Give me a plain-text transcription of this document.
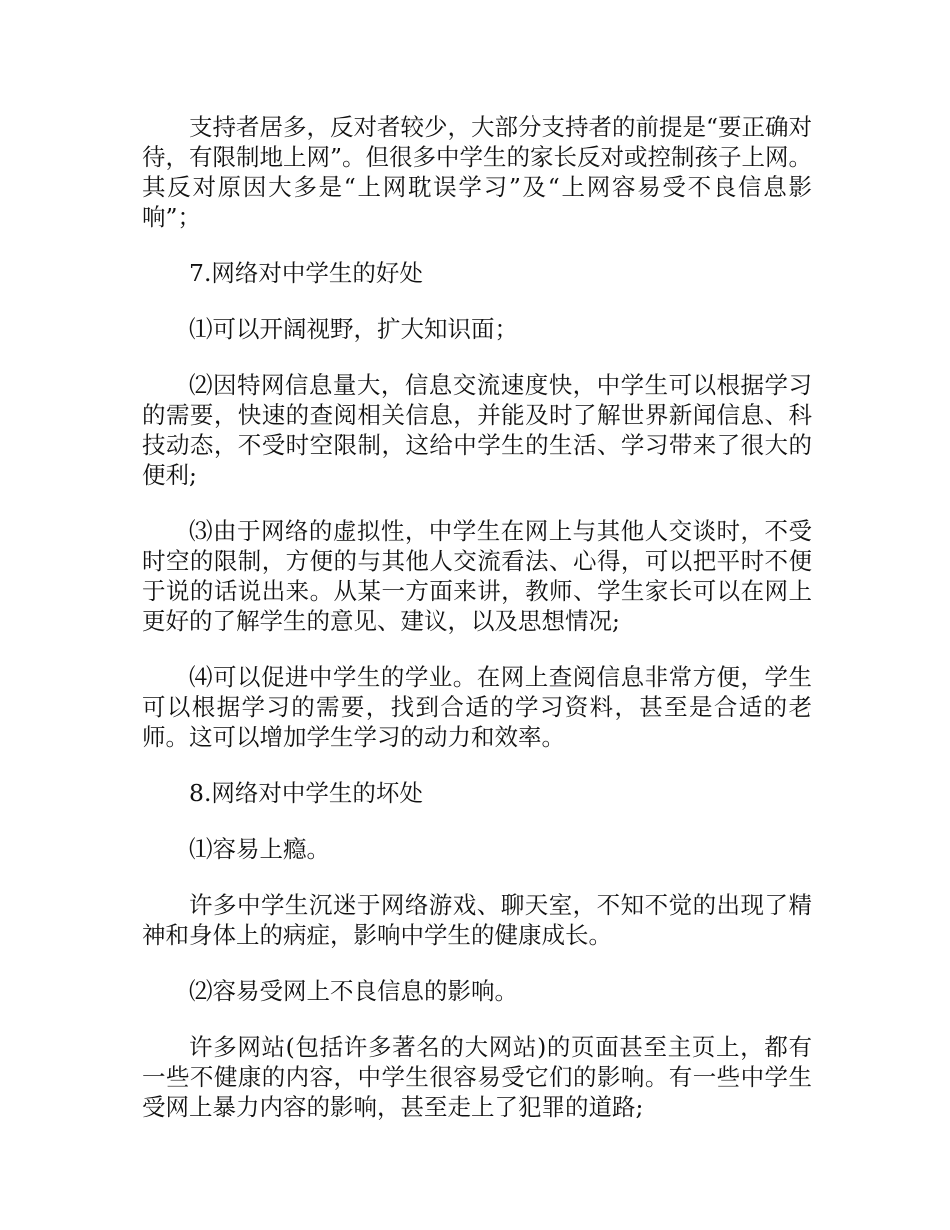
支持者居多，反对者较少，大部分支持者的前提是“要正确对待，有限制地上网”。但很多中学生的家长反对或控制孩子上网。其反对原因大多是“上网耽误学习”及“上网容易受不良信息影响”；

7.网络对中学生的好处

⑴可以开阔视野，扩大知识面；

⑵因特网信息量大，信息交流速度快，中学生可以根据学习的需要，快速的查阅相关信息，并能及时了解世界新闻信息、科技动态，不受时空限制，这给中学生的生活、学习带来了很大的便利;

⑶由于网络的虚拟性，中学生在网上与其他人交谈时，不受时空的限制，方便的与其他人交流看法、心得，可以把平时不便于说的话说出来。从某一方面来讲，教师、学生家长可以在网上更好的了解学生的意见、建议，以及思想情况;

⑷可以促进中学生的学业。在网上查阅信息非常方便，学生可以根据学习的需要，找到合适的学习资料，甚至是合适的老师。这可以增加学生学习的动力和效率。

8.网络对中学生的坏处

⑴容易上瘾。

许多中学生沉迷于网络游戏、聊天室，不知不觉的出现了精神和身体上的病症，影响中学生的健康成长。

⑵容易受网上不良信息的影响。

许多网站(包括许多著名的大网站)的页面甚至主页上，都有一些不健康的内容，中学生很容易受它们的影响。有一些中学生受网上暴力内容的影响，甚至走上了犯罪的道路;
